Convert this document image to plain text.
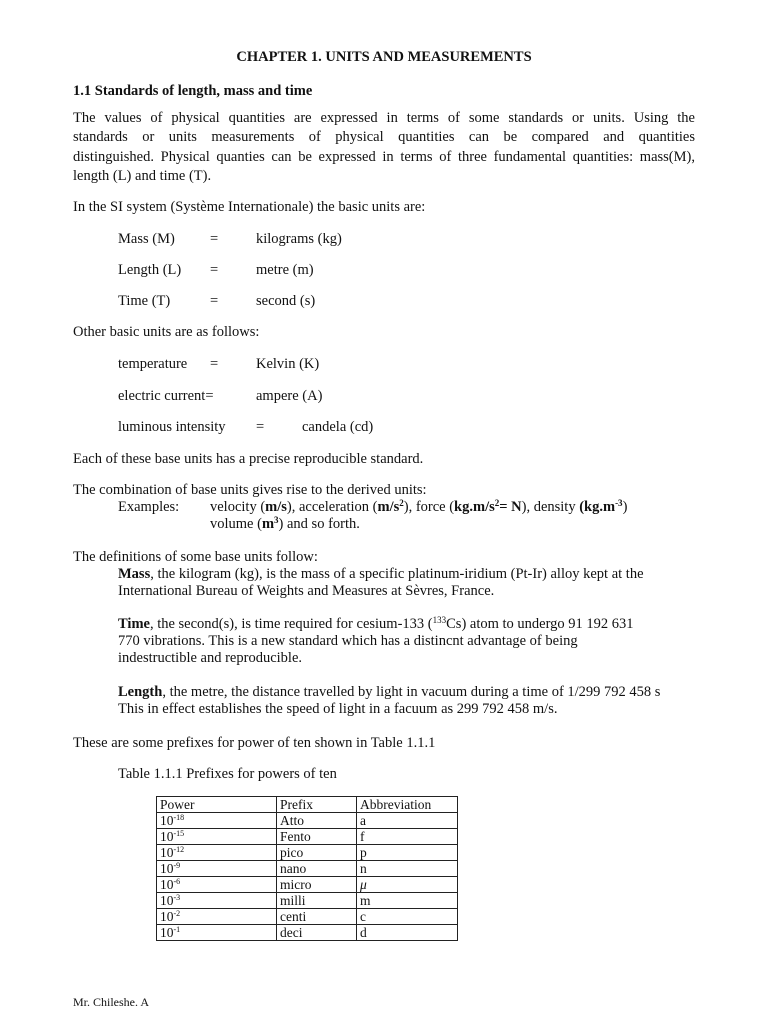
CHAPTER 1. UNITS AND MEASUREMENTS
1.1 Standards of length, mass and time
The values of physical quantities are expressed in terms of some standards or units. Using the
standards or units measurements of physical quantities can be compared and quantities
distinguished. Physical quanties can be expressed in terms of three fundamental quantities: mass(M),
length (L) and time (T).
In the SI system (Système Internationale) the basic units are:
Mass (M) =	kilograms (kg)
Length (L) =	metre (m)
Time (T)	=	second (s)
Other basic units are as follows:
temperature =	Kelvin (K)
electric current=	ampere (A)
luminous intensity =	candela (cd)
Each of these base units has a precise reproducible standard.
The combination of base units gives rise to the derived units:
Examples: velocity (m/s), acceleration $(m/s^2)$, force $(kg.m/s^2= N)$, density $(kg.m^{-3})$
volume $(m^3)$ and so forth.
The definitions of some base units follow:
Mass, the kilogram (kg), is the mass of a specific platinum-iridium (Pt-Ir) alloy kept at the
International Bureau of Weights and Measures at Sèvres, France.
Time, the second(s), is time required for cesium-133 ($^{133}$Cs) atom to undergo 91 192 631
770 vibrations. This is a new standard which has a distincnt advantage of being
indestructible and reproducible.
Length, the metre, the distance travelled by light in vacuum during a time of 1/299 792 458 s
This in effect establishes the speed of light in a facuum as 299 792 458 m/s.
These are some prefixes for power of ten shown in Table 1.1.1
Table 1.1.1 Prefixes for powers of ten
Power	Prefix	Abbreviation
$10^{-18}$	Atto	a
$10^{-15}$	Fento	f
$10^{-12}$	pico	p
$10^{-9}$	nano	n
$10^{-6}$	micro	μ
$10^{-3}$	milli	m
$10^{-2}$	centi	c
$10^{-1}$	deci	d
Mr. Chileshe. A
